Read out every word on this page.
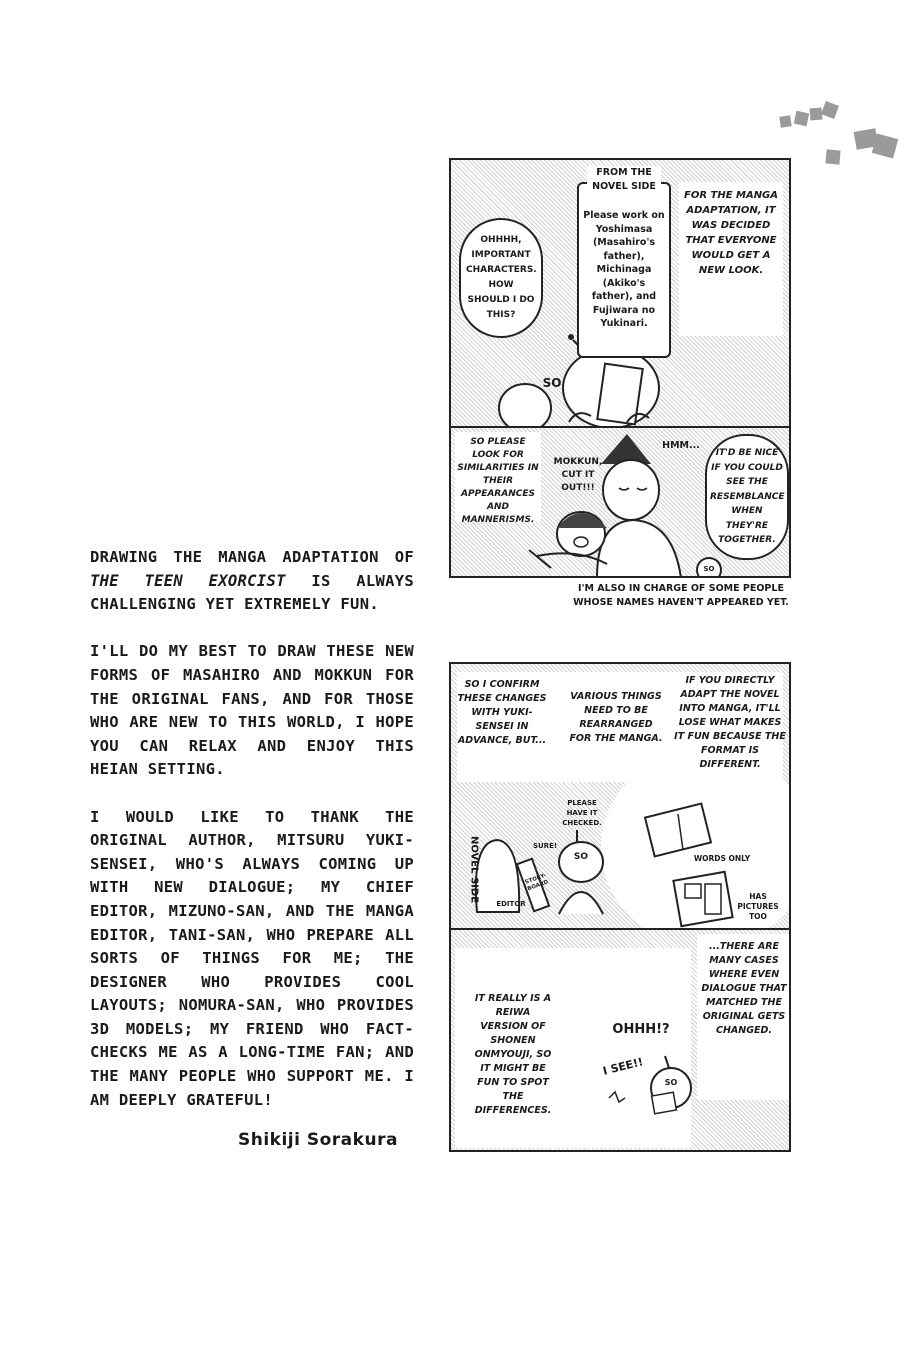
DRAWING THE MANGA ADAPTATION OF THE TEEN EXORCIST IS ALWAYS CHALLENGING YET EXTREMELY FUN.

I'LL DO MY BEST TO DRAW THESE NEW FORMS OF MASAHIRO AND MOKKUN FOR THE ORIGINAL FANS, AND FOR THOSE WHO ARE NEW TO THIS WORLD, I HOPE YOU CAN RELAX AND ENJOY THIS HEIAN SETTING.

I WOULD LIKE TO THANK THE ORIGINAL AUTHOR, MITSURU YUKI-SENSEI, WHO'S ALWAYS COMING UP WITH NEW DIALOGUE; MY CHIEF EDITOR, MIZUNO-SAN, AND THE MANGA EDITOR, TANI-SAN, WHO PREPARE ALL SORTS OF THINGS FOR ME; THE DESIGNER WHO PROVIDES COOL LAYOUTS; NOMURA-SAN, WHO PROVIDES 3D MODELS; MY FRIEND WHO FACT-CHECKS ME AS A LONG-TIME FAN; AND THE MANY PEOPLE WHO SUPPORT ME. I AM DEEPLY GRATEFUL!

Shikiji Sorakura
SO
OHHHH, IMPORTANT CHARACTERS. HOW SHOULD I DO THIS?
Please work on Yoshimasa (Masahiro's father), Michinaga (Akiko's father), and Fujiwara no Yukinari.
FROM THE NOVEL SIDE
FOR THE MANGA ADAPTATION, IT WAS DECIDED THAT EVERYONE WOULD GET A NEW LOOK.
SO PLEASE LOOK FOR SIMILARITIES IN THEIR APPEARANCES AND MANNERISMS.
MOKKUN, CUT IT OUT!!!
HMM...
IT'D BE NICE IF YOU COULD SEE THE RESEMBLANCE WHEN THEY'RE TOGETHER.
SO
I'M ALSO IN CHARGE OF SOME PEOPLE WHOSE NAMES HAVEN'T APPEARED YET.
SO I CONFIRM THESE CHANGES WITH YUKI-SENSEI IN ADVANCE, BUT...
VARIOUS THINGS NEED TO BE REARRANGED FOR THE MANGA.
IF YOU DIRECTLY ADAPT THE NOVEL INTO MANGA, IT'LL LOSE WHAT MAKES IT FUN BECAUSE THE FORMAT IS DIFFERENT.
NOVEL SIDE
EDITOR
STORY-BOARD
SURE!
PLEASE HAVE IT CHECKED.
SO	WORDS ONLY
HAS PICTURES TOO
IT REALLY IS A REIWA VERSION OF SHONEN ONMYOUJI, SO IT MIGHT BE FUN TO SPOT THE DIFFERENCES.
OHHH!?
I SEE!!
SO
...THERE ARE MANY CASES WHERE EVEN DIALOGUE THAT MATCHED THE ORIGINAL GETS CHANGED.
